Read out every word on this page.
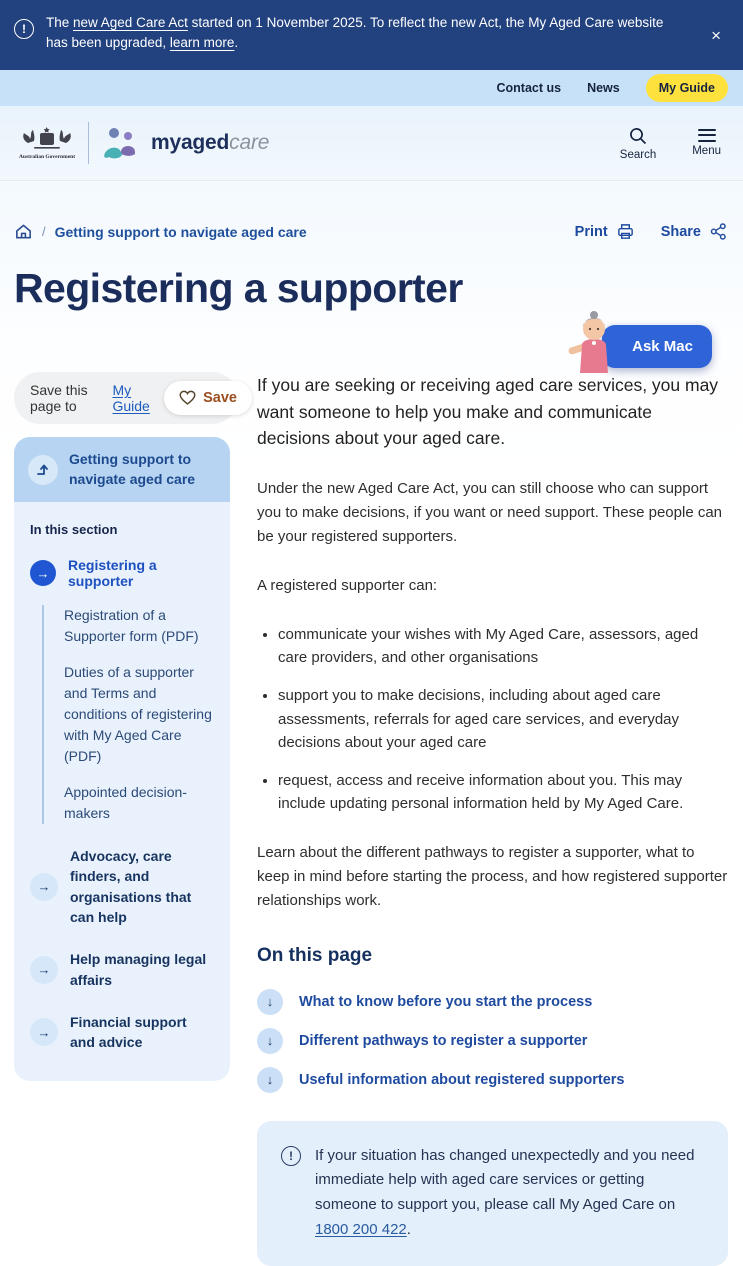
!	The new Aged Care Act started on 1 November 2025. To reflect the new Act, the My Aged Care website has been upgraded, learn more.	×
Contact us News	My Guide
Australian Government
myagedcare
Search	Menu
/ Getting support to navigate aged care	Print	Share
Registering a supporter
Ask Mac
Save this page to
My Guide	Save
Getting support to navigate aged care

In this section

→	Registering a supporter
Registration of a Supporter form (PDF)
Duties of a supporter and Terms and conditions of registering with My Aged Care (PDF)
Appointed decision-makers
→
Advocacy, care finders, and organisations that can help
→
Help managing legal affairs
→
Financial support and advice

If you are seeking or receiving aged care services, you may want someone to help you make and communicate decisions about your aged care.

Under the new Aged Care Act, you can still choose who can support you to make decisions, if you want or need support. These people can be your registered supporters.

A registered supporter can:

• communicate your wishes with My Aged Care, assessors, aged care providers, and other organisations
• support you to make decisions, including about aged care assessments, referrals for aged care services, and everyday decisions about your aged care
• request, access and receive information about you. This may include updating personal information held by My Aged Care.

Learn about the different pathways to register a supporter, what to keep in mind before starting the process, and how registered supporter relationships work.

On this page
↓	What to know before you start the process
↓	Different pathways to register a supporter
↓	Useful information about registered supporters
!	If your situation has changed unexpectedly and you need immediate help with aged care services or getting someone to support you, please call My Aged Care on 1800 200 422.
